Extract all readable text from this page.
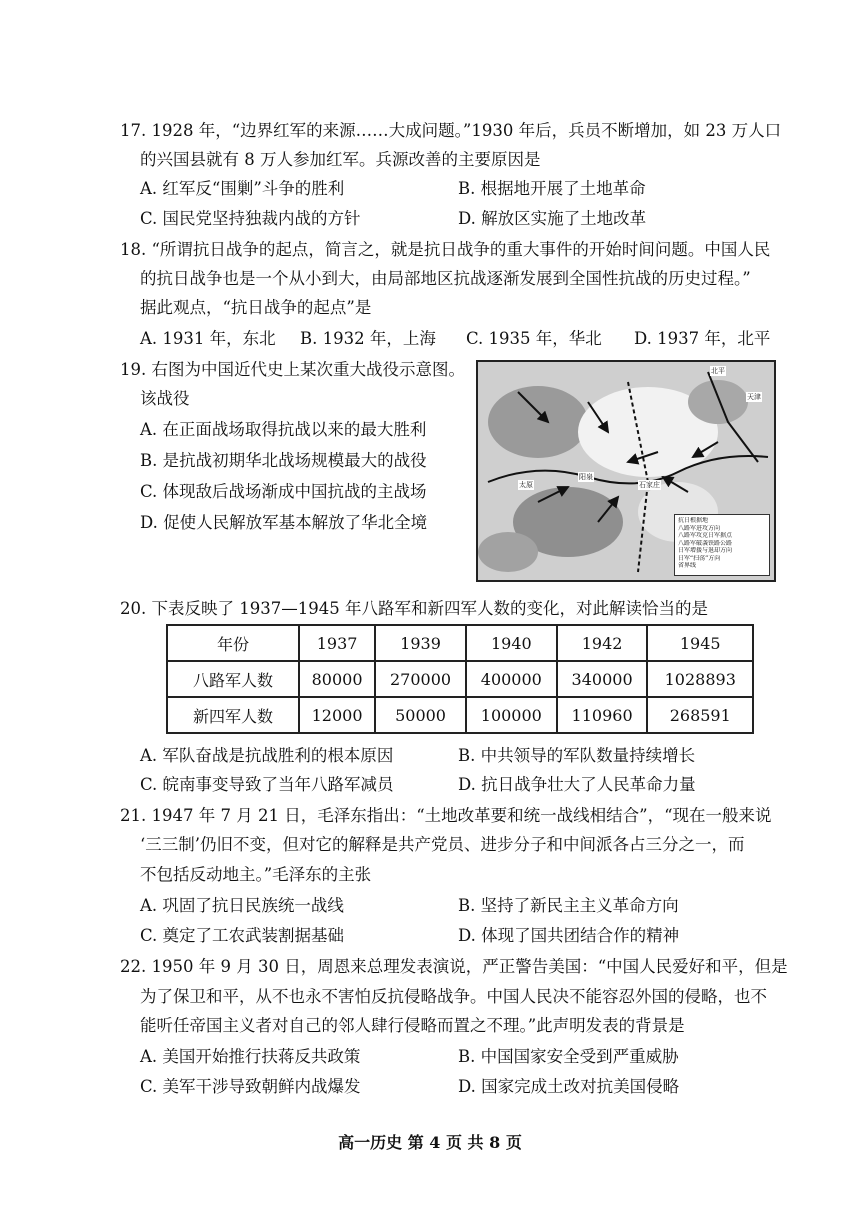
17. 1928 年，“边界红军的来源……大成问题。”1930 年后，兵员不断增加，如 23 万人口
的兴国县就有 8 万人参加红军。兵源改善的主要原因是
A. 红军反“围剿”斗争的胜利	B. 根据地开展了土地革命
C. 国民党坚持独裁内战的方针	D. 解放区实施了土地改革
18. “所谓抗日战争的起点，简言之，就是抗日战争的重大事件的开始时间问题。中国人民
的抗日战争也是一个从小到大，由局部地区抗战逐渐发展到全国性抗战的历史过程。”
据此观点，“抗日战争的起点”是
A. 1931 年，东北 B. 1932 年，上海 C. 1935 年，华北 D. 1937 年，北平
19. 右图为中国近代史上某次重大战役示意图。
该战役
A. 在正面战场取得抗战以来的最大胜利
B. 是抗战初期华北战场规模最大的战役
C. 体现敌后战场渐成中国抗战的主战场
D. 促使人民解放军基本解放了华北全境
北平
天津
石家庄
太原
阳泉
抗日根据地
八路军进攻方向
八路军攻克日军据点
八路军破袭铁路公路
日军增援与退却方向
日军“扫荡”方向
省界线
20. 下表反映了 1937—1945 年八路军和新四军人数的变化，对此解读恰当的是
年份	1937	1939	1940	1942	1945
八路军人数	80000	270000	400000	340000	1028893
新四军人数	12000	50000	100000	110960	268591
A. 军队奋战是抗战胜利的根本原因	B. 中共领导的军队数量持续增长
C. 皖南事变导致了当年八路军减员	D. 抗日战争壮大了人民革命力量
21. 1947 年 7 月 21 日，毛泽东指出：“土地改革要和统一战线相结合”，“现在一般来说
‘三三制’仍旧不变，但对它的解释是共产党员、进步分子和中间派各占三分之一，而
不包括反动地主。”毛泽东的主张
A. 巩固了抗日民族统一战线	B. 坚持了新民主主义革命方向
C. 奠定了工农武装割据基础	D. 体现了国共团结合作的精神
22. 1950 年 9 月 30 日，周恩来总理发表演说，严正警告美国：“中国人民爱好和平，但是
为了保卫和平，从不也永不害怕反抗侵略战争。中国人民决不能容忍外国的侵略，也不
能听任帝国主义者对自己的邻人肆行侵略而置之不理。”此声明发表的背景是
A. 美国开始推行扶蒋反共政策	B. 中国国家安全受到严重威胁
C. 美军干涉导致朝鲜内战爆发	D. 国家完成土改对抗美国侵略
高一历史 第 4 页 共 8 页
